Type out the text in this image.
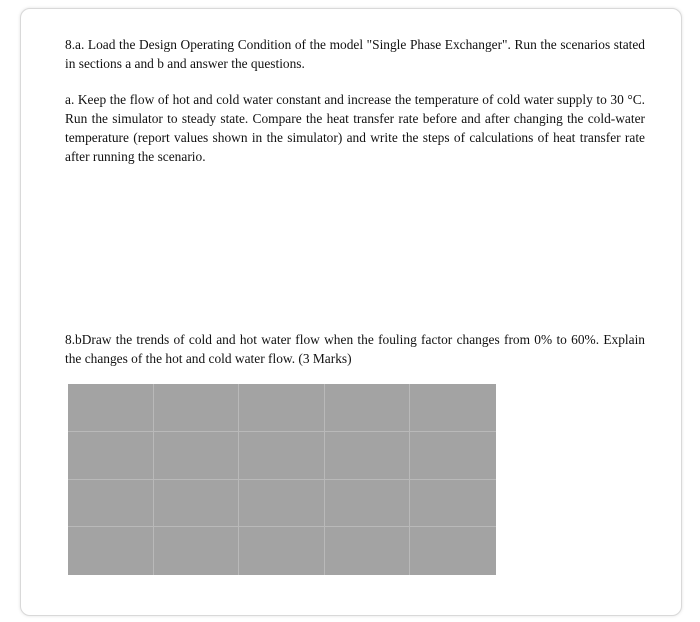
8.a. Load the Design Operating Condition of the model "Single Phase Exchanger". Run the scenarios stated in sections a and b and answer the questions.

a. Keep the flow of hot and cold water constant and increase the temperature of cold water supply to 30 °C. Run the simulator to steady state. Compare the heat transfer rate before and after changing the cold-water temperature (report values shown in the simulator) and write the steps of calculations of heat transfer rate after running the scenario.

8.bDraw the trends of cold and hot water flow when the fouling factor changes from 0% to 60%. Explain the changes of the hot and cold water flow. (3 Marks)
